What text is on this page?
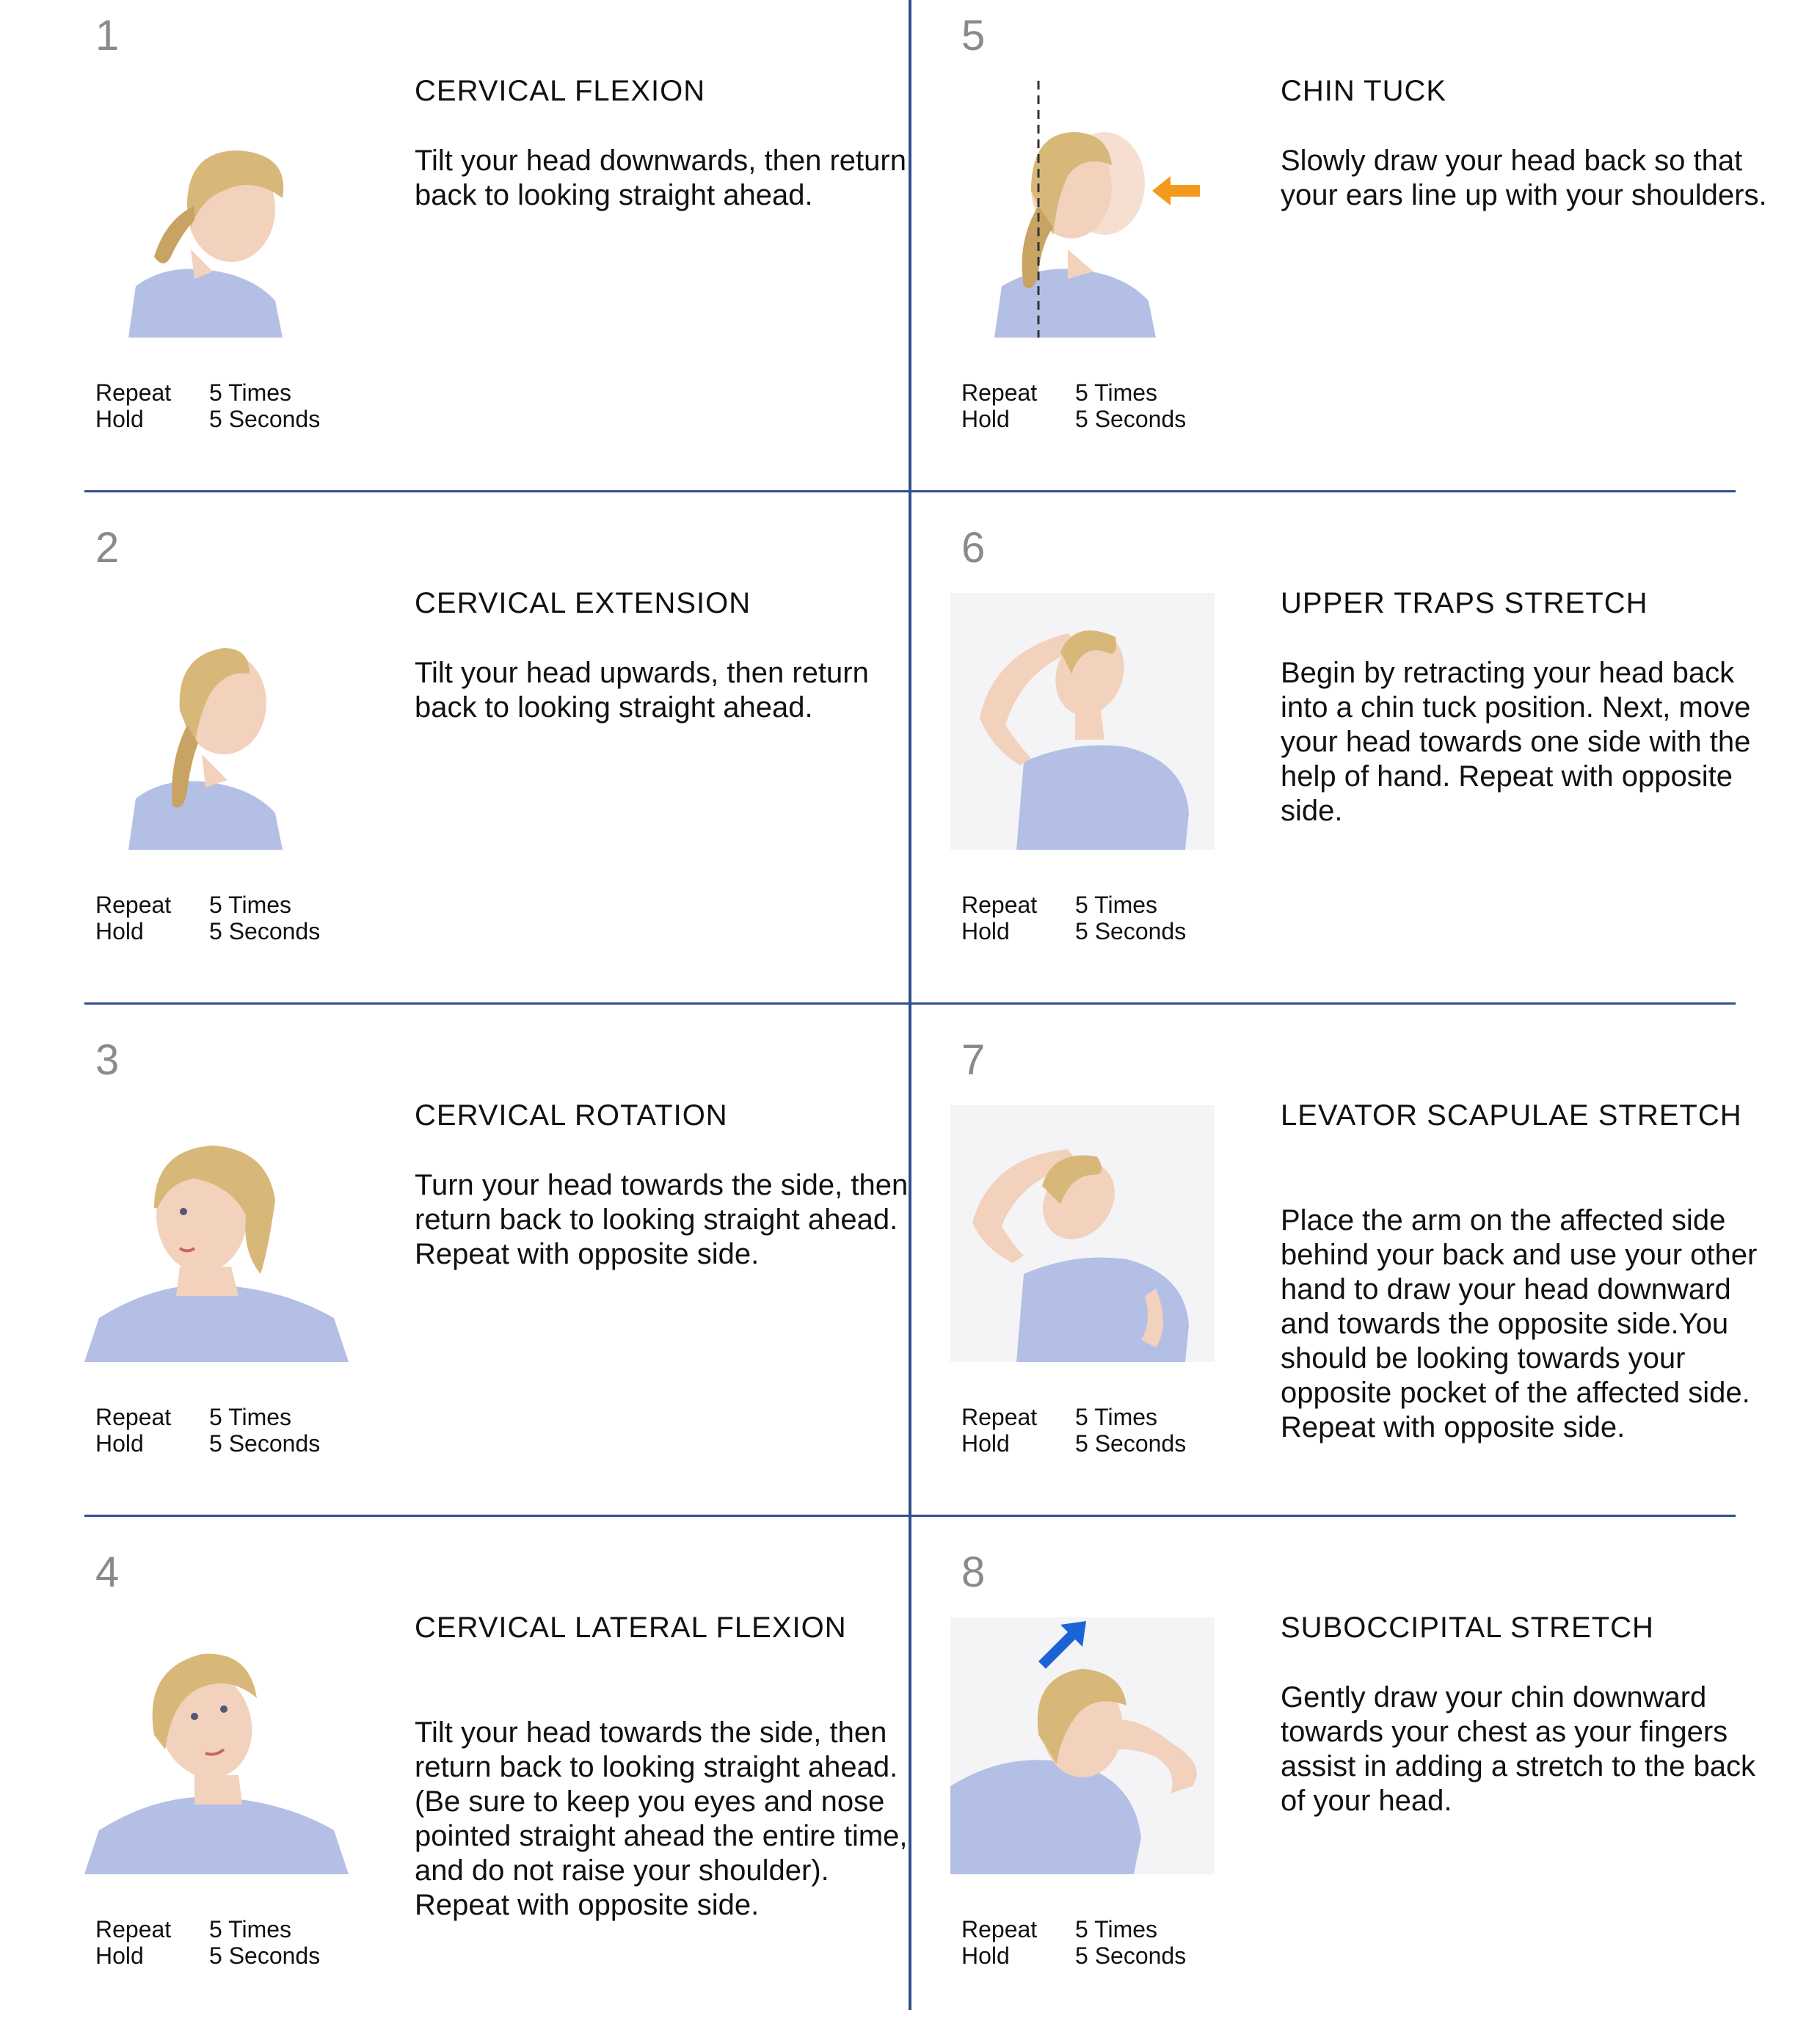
1
CERVICAL FLEXION
Tilt your head downwards, then return back to looking straight ahead.
Repeat	5 Times
Hold	5 Seconds
2
CERVICAL EXTENSION
Tilt your head upwards, then return back to looking straight ahead.
Repeat	5 Times
Hold	5 Seconds
3
CERVICAL ROTATION
Turn your head towards the side, then return back to looking straight ahead. Repeat with opposite side.
Repeat	5 Times
Hold	5 Seconds
4
CERVICAL LATERAL FLEXION
Tilt your head towards the side, then return back to looking straight ahead. (Be sure to keep you eyes and nose pointed straight ahead the entire time, and do not raise your shoulder). Repeat with opposite side.
Repeat	5 Times
Hold	5 Seconds
5
CHIN TUCK
Slowly draw your head back so that your ears line up with your shoulders.
Repeat	5 Times
Hold	5 Seconds
6
UPPER TRAPS STRETCH
Begin by retracting your head back into a chin tuck position. Next, move your head towards one side with the help of hand. Repeat with opposite side.
Repeat	5 Times
Hold	5 Seconds
7
LEVATOR SCAPULAE STRETCH
Place the arm on the affected side behind your back and use your other hand to draw your head downward and towards the opposite side.You should be looking towards your opposite pocket of the affected side. Repeat with opposite side.
Repeat	5 Times
Hold	5 Seconds
8
SUBOCCIPITAL STRETCH
Gently draw your chin downward towards your chest as your fingers assist in adding a stretch to the back of your head.
Repeat	5 Times
Hold	5 Seconds
